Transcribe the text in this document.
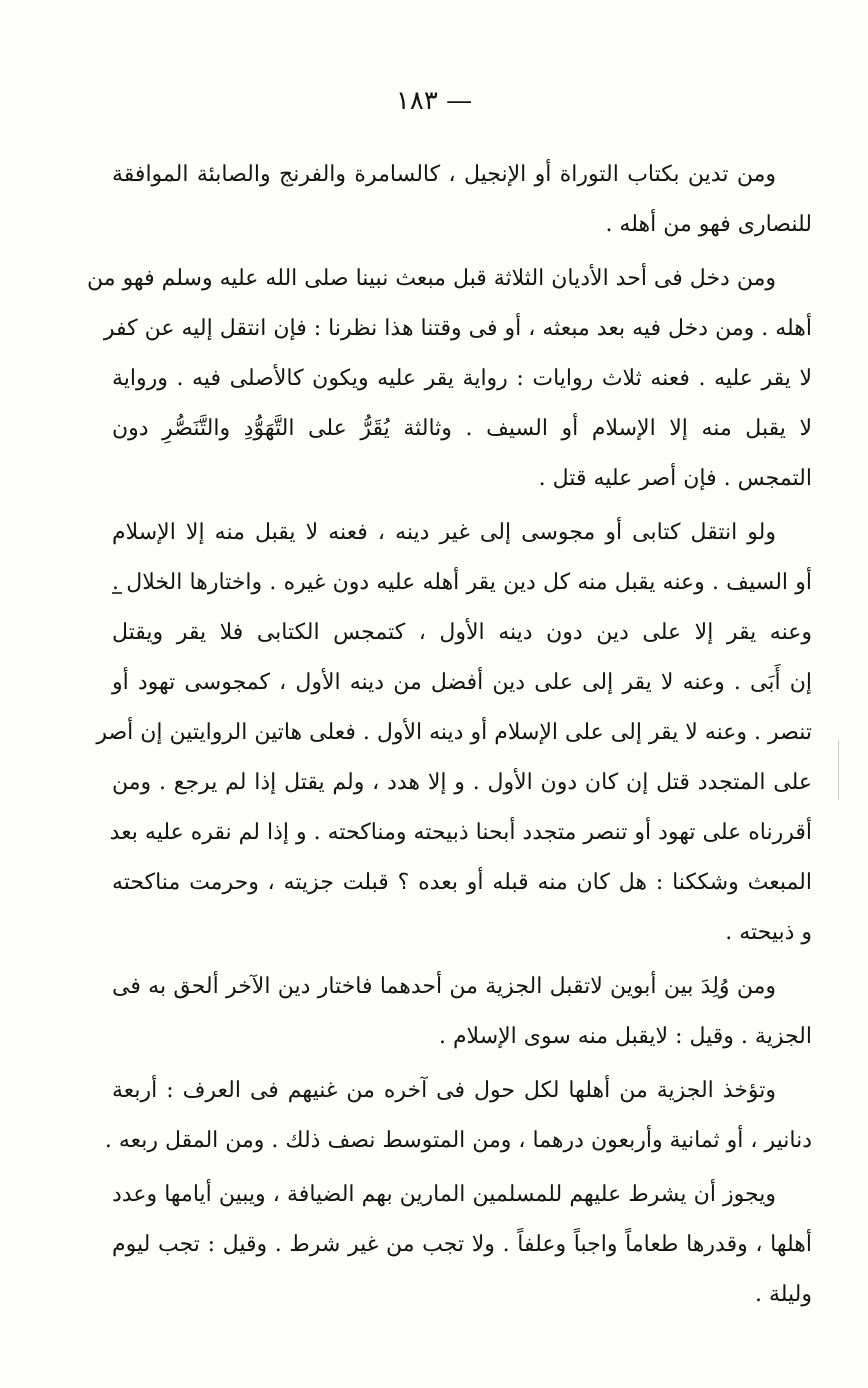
— ١٨٣
ومن تدين بكتاب التوراة أو الإنجيل ، كالسامرة والفرنج والصابئة الموافقة
للنصارى فهو من أهله .
ومن دخل فى أحد الأديان الثلاثة قبل مبعث نبينا صلى الله عليه وسلم فهو من
أهله . ومن دخل فيه بعد مبعثه ، أو فى وقتنا هذا نظرنا : فإن انتقل إليه عن كفر
لا يقر عليه . فعنه ثلاث روايات : رواية يقر عليه ويكون كالأصلى فيه . ورواية
لا يقبل منه إلا الإسلام أو السيف . وثالثة يُقَرُّ على التَّهَوُّدِ والتَّنَصُّرِ دون
التمجس . فإن أصر عليه قتل .
ولو انتقل كتابى أو مجوسى إلى غير دينه ، فعنه لا يقبل منه إلا الإسلام
أو السيف . وعنه يقبل منه كل دين يقر أهله عليه دون غيره . واختارها الخلال .
وعنه يقر إلا على دين دون دينه الأول ، كتمجس الكتابى فلا يقر ويقتل
إن أَبَى . وعنه لا يقر إلى على دين أفضل من دينه الأول ، كمجوسى تهود أو
تنصر . وعنه لا يقر إلى على الإسلام أو دينه الأول . فعلى هاتين الروايتين إن أصر
على المتجدد قتل إن كان دون الأول . و إلا هدد ، ولم يقتل إذا لم يرجع . ومن
أقررناه على تهود أو تنصر متجدد أبحنا ذبيحته ومناكحته . و إذا لم نقره عليه بعد
المبعث وشككنا : هل كان منه قبله أو بعده ؟ قبلت جزيته ، وحرمت مناكحته
و ذبيحته .
ومن وُلِدَ بين أبوين لاتقبل الجزية من أحدهما فاختار دين الآخر ألحق به فى
الجزية . وقيل : لايقبل منه سوى الإسلام .
وتؤخذ الجزية من أهلها لكل حول فى آخره من غنيهم فى العرف : أربعة
دنانير ، أو ثمانية وأربعون درهما ، ومن المتوسط نصف ذلك . ومن المقل ربعه .
ويجوز أن يشرط عليهم للمسلمين المارين بهم الضيافة ، ويبين أيامها وعدد
أهلها ، وقدرها طعاماً واجباً وعلفاً . ولا تجب من غير شرط . وقيل : تجب ليوم
وليلة .
